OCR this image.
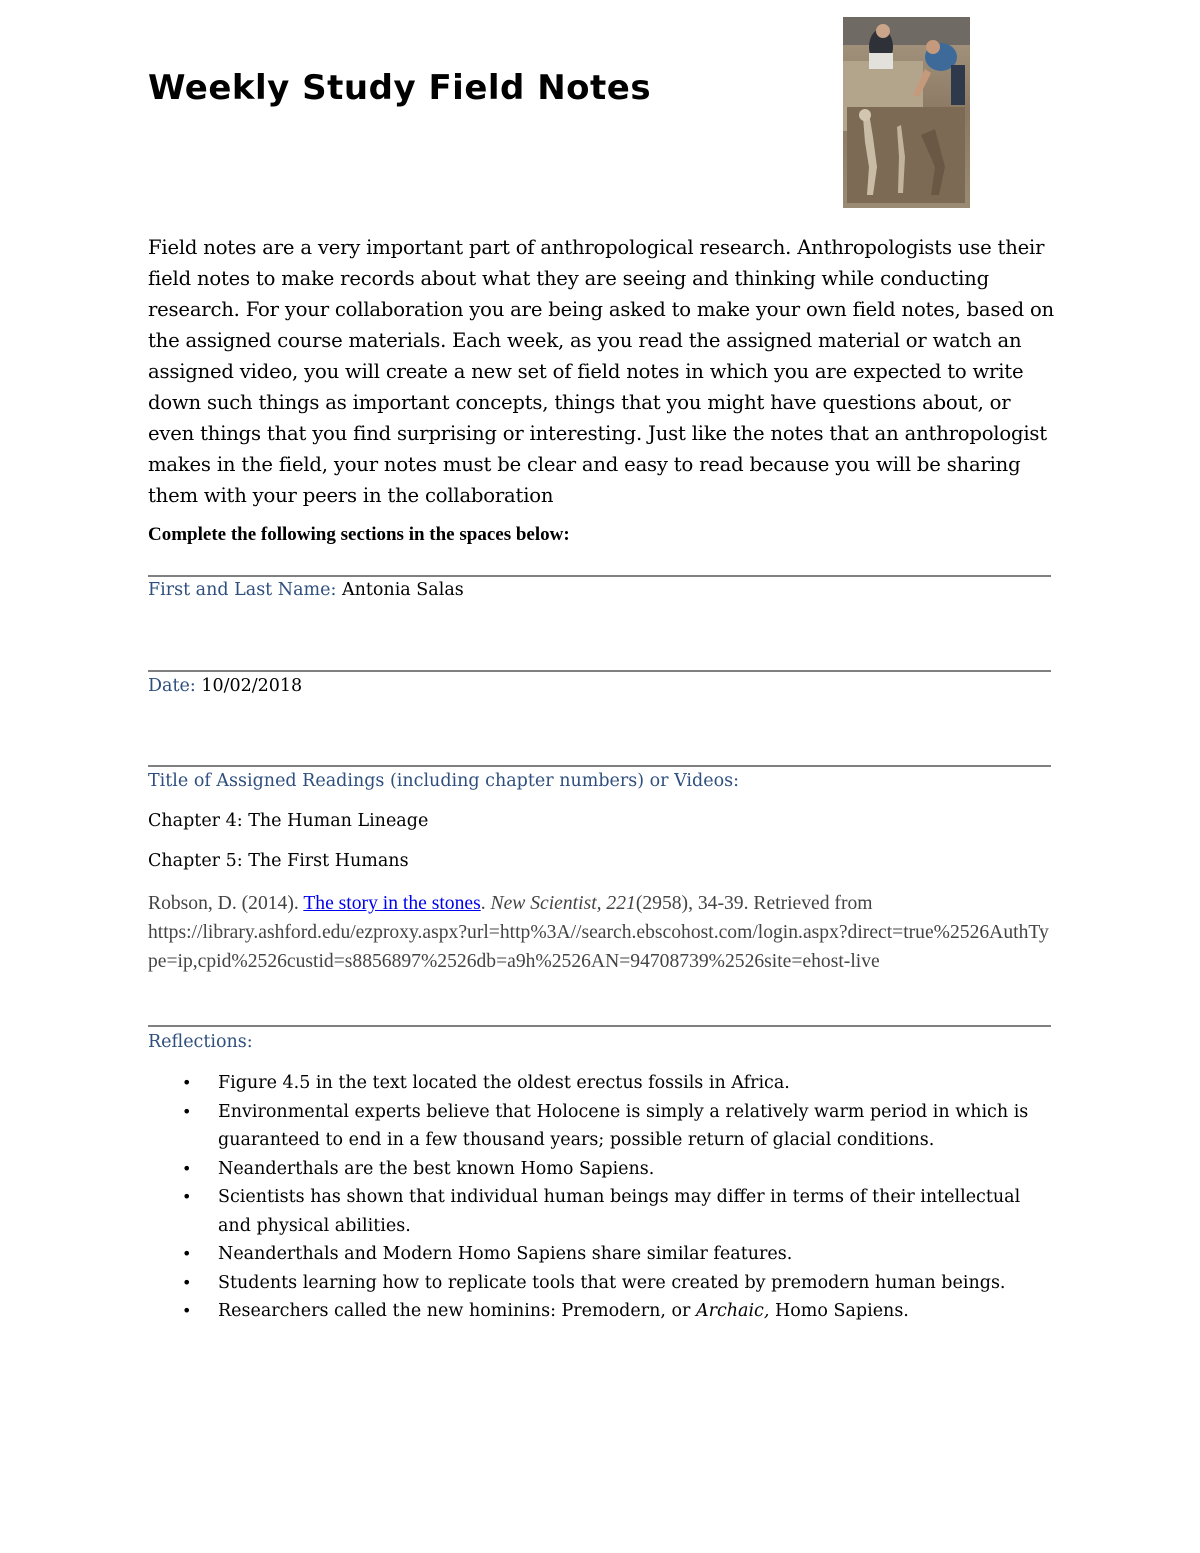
Weekly Study Field Notes

Field notes are a very important part of anthropological research. Anthropologists use their field notes to make records about what they are seeing and thinking while conducting research. For your collaboration you are being asked to make your own field notes, based on the assigned course materials. Each week, as you read the assigned material or watch an assigned video, you will create a new set of field notes in which you are expected to write down such things as important concepts, things that you might have questions about, or even things that you find surprising or interesting. Just like the notes that an anthropologist makes in the field, your notes must be clear and easy to read because you will be sharing them with your peers in the collaboration

Complete the following sections in the spaces below:

First and Last Name: Antonia Salas

Date: 10/02/2018

Title of Assigned Readings (including chapter numbers) or Videos:

Chapter 4: The Human Lineage

Chapter 5: The First Humans

Robson, D. (2014). The story in the stones. New Scientist, 221(2958), 34-39. Retrieved from
https://library.ashford.edu/ezproxy.aspx?url=http%3A//search.ebscohost.com/login.aspx?direct=true%2526AuthType=ip,cpid%2526custid=s8856897%2526db=a9h%2526AN=94708739%2526site=ehost-live

Reflections:

• Figure 4.5 in the text located the oldest erectus fossils in Africa.
• Environmental experts believe that Holocene is simply a relatively warm period in which is guaranteed to end in a few thousand years; possible return of glacial conditions.
• Neanderthals are the best known Homo Sapiens.
• Scientists has shown that individual human beings may differ in terms of their intellectual and physical abilities.
• Neanderthals and Modern Homo Sapiens share similar features.
• Students learning how to replicate tools that were created by premodern human beings.
• Researchers called the new hominins: Premodern, or Archaic, Homo Sapiens.
